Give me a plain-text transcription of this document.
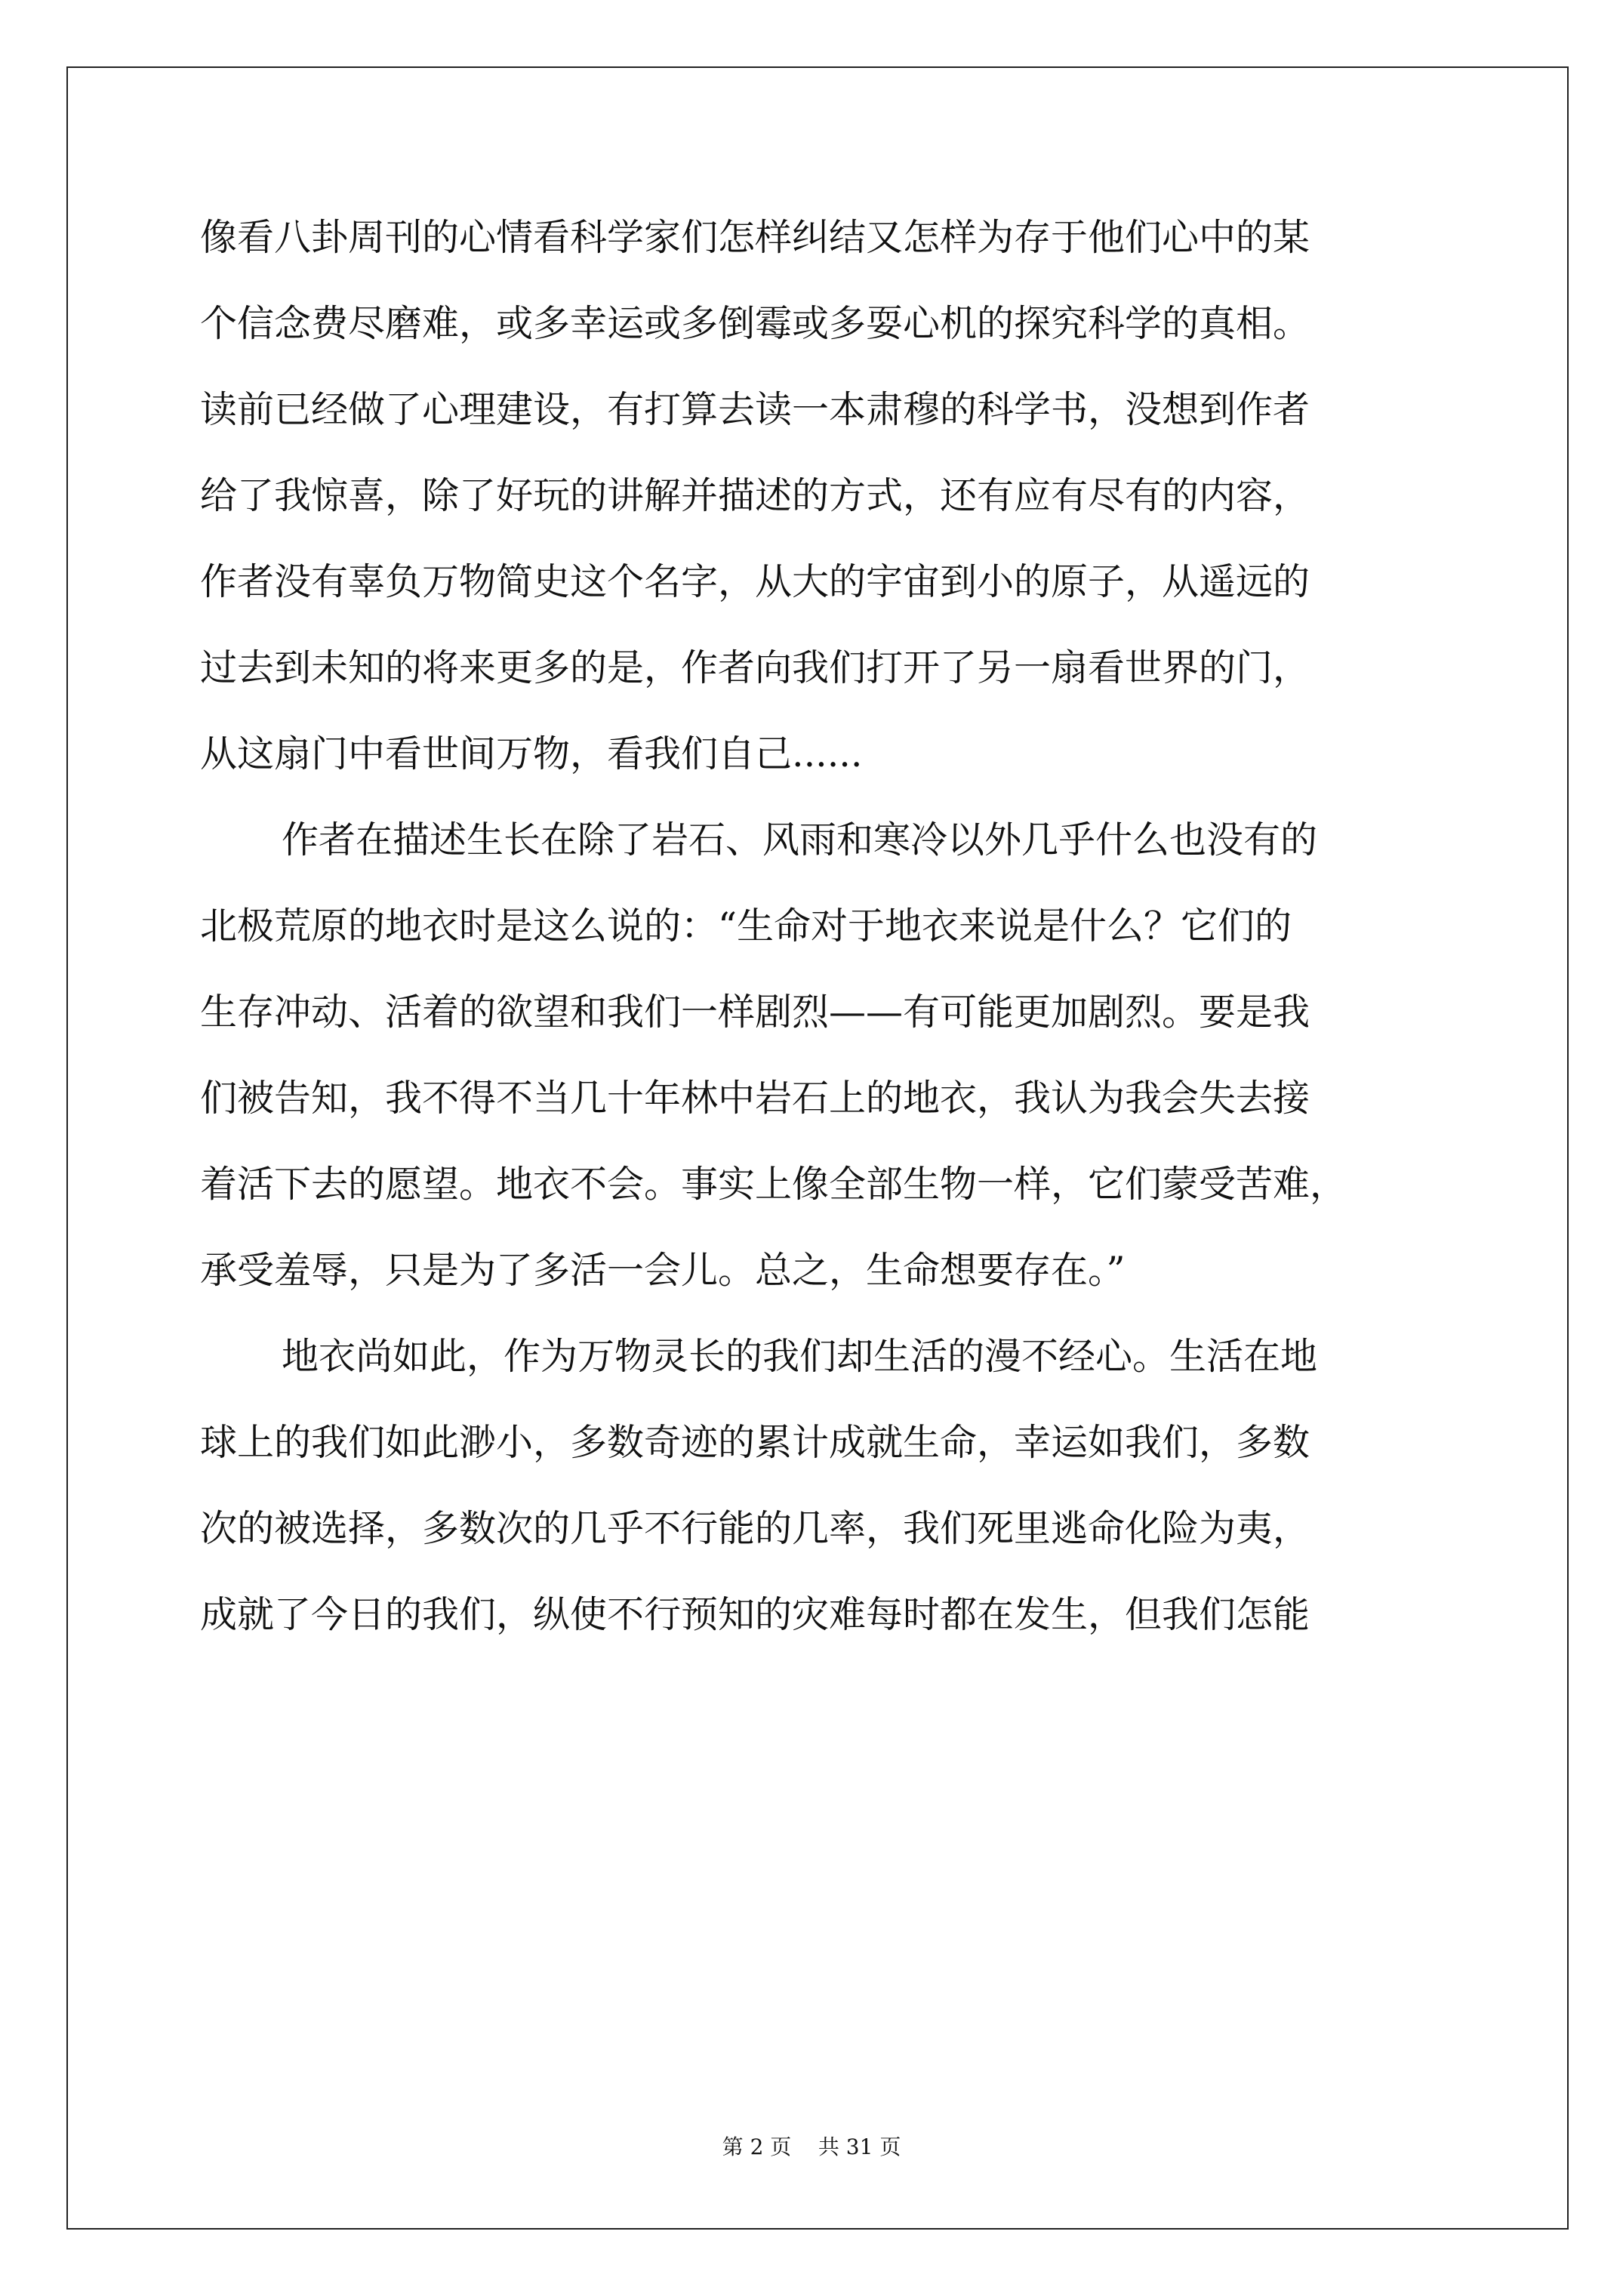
像看八卦周刊的心情看科学家们怎样纠结又怎样为存于他们心中的某
个信念费尽磨难，或多幸运或多倒霉或多耍心机的探究科学的真相。
读前已经做了心理建设，有打算去读一本肃穆的科学书，没想到作者
给了我惊喜，除了好玩的讲解并描述的方式，还有应有尽有的内容，
作者没有辜负万物简史这个名字，从大的宇宙到小的原子，从遥远的
过去到未知的将来更多的是，作者向我们打开了另一扇看世界的门，
从这扇门中看世间万物，看我们自己......
作者在描述生长在除了岩石、风雨和寒冷以外几乎什么也没有的
北极荒原的地衣时是这么说的：“生命对于地衣来说是什么？它们的
生存冲动、活着的欲望和我们一样剧烈——有可能更加剧烈。要是我
们被告知，我不得不当几十年林中岩石上的地衣，我认为我会失去接
着活下去的愿望。地衣不会。事实上像全部生物一样，它们蒙受苦难，
承受羞辱，只是为了多活一会儿。总之，生命想要存在。”
地衣尚如此，作为万物灵长的我们却生活的漫不经心。生活在地
球上的我们如此渺小，多数奇迹的累计成就生命，幸运如我们，多数
次的被选择，多数次的几乎不行能的几率，我们死里逃命化险为夷，
成就了今日的我们，纵使不行预知的灾难每时都在发生，但我们怎能
第 2 页    共 31 页
